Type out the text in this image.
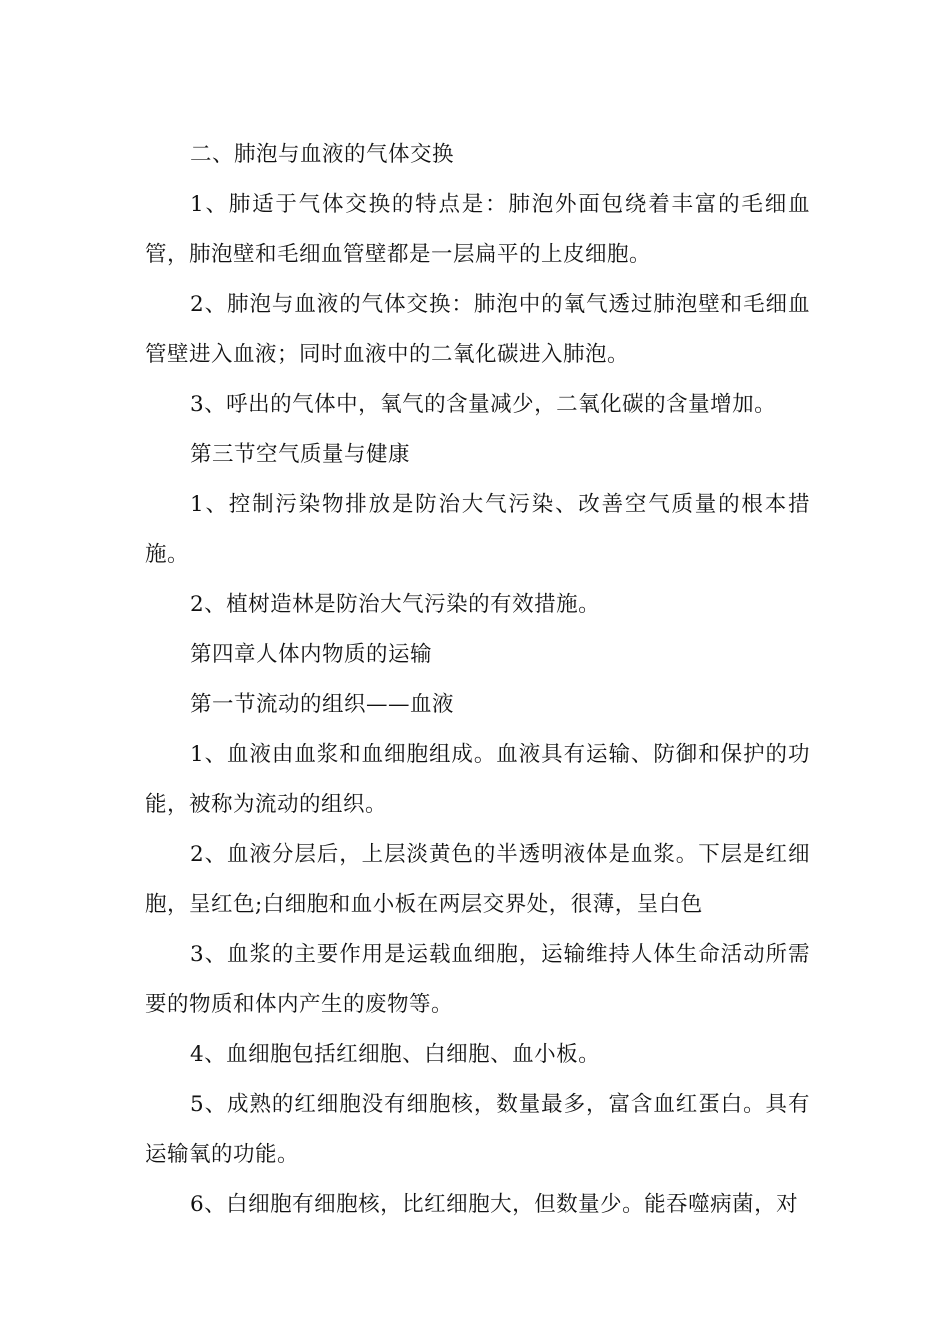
二、肺泡与血液的气体交换

1、肺适于气体交换的特点是：肺泡外面包绕着丰富的毛细血管，肺泡壁和毛细血管壁都是一层扁平的上皮细胞。

2、肺泡与血液的气体交换：肺泡中的氧气透过肺泡壁和毛细血管壁进入血液；同时血液中的二氧化碳进入肺泡。

3、呼出的气体中，氧气的含量减少，二氧化碳的含量增加。

第三节空气质量与健康

1、控制污染物排放是防治大气污染、改善空气质量的根本措施。

2、植树造林是防治大气污染的有效措施。

第四章人体内物质的运输

第一节流动的组织——血液

1、血液由血浆和血细胞组成。血液具有运输、防御和保护的功能，被称为流动的组织。

2、血液分层后，上层淡黄色的半透明液体是血浆。下层是红细胞，呈红色;白细胞和血小板在两层交界处，很薄，呈白色

3、血浆的主要作用是运载血细胞，运输维持人体生命活动所需要的物质和体内产生的废物等。

4、血细胞包括红细胞、白细胞、血小板。

5、成熟的红细胞没有细胞核，数量最多，富含血红蛋白。具有运输氧的功能。

6、白细胞有细胞核，比红细胞大，但数量少。能吞噬病菌，对
